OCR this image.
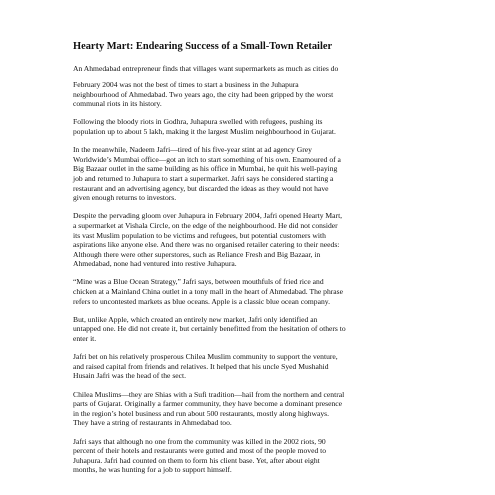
Hearty Mart: Endearing Success of a Small-Town Retailer

An Ahmedabad entrepreneur finds that villages want supermarkets as much as cities do

February 2004 was not the best of times to start a business in the Juhapura
neighbourhood of Ahmedabad. Two years ago, the city had been gripped by the worst
communal riots in its history.

Following the bloody riots in Godhra, Juhapura swelled with refugees, pushing its
population up to about 5 lakh, making it the largest Muslim neighbourhood in Gujarat.

In the meanwhile, Nadeem Jafri—tired of his five-year stint at ad agency Grey
Worldwide’s Mumbai office—got an itch to start something of his own. Enamoured of a
Big Bazaar outlet in the same building as his office in Mumbai, he quit his well-paying
job and returned to Juhapura to start a supermarket. Jafri says he considered starting a
restaurant and an advertising agency, but discarded the ideas as they would not have
given enough returns to investors.

Despite the pervading gloom over Juhapura in February 2004, Jafri opened Hearty Mart,
a supermarket at Vishala Circle, on the edge of the neighbourhood. He did not consider
its vast Muslim population to be victims and refugees, but potential customers with
aspirations like anyone else. And there was no organised retailer catering to their needs:
Although there were other superstores, such as Reliance Fresh and Big Bazaar, in
Ahmedabad, none had ventured into restive Juhapura.

“Mine was a Blue Ocean Strategy,” Jafri says, between mouthfuls of fried rice and
chicken at a Mainland China outlet in a tony mall in the heart of Ahmedabad. The phrase
refers to uncontested markets as blue oceans. Apple is a classic blue ocean company.

But, unlike Apple, which created an entirely new market, Jafri only identified an
untapped one. He did not create it, but certainly benefitted from the hesitation of others to
enter it.

Jafri bet on his relatively prosperous Chilea Muslim community to support the venture,
and raised capital from friends and relatives. It helped that his uncle Syed Mushahid
Husain Jafri was the head of the sect.

Chilea Muslims—they are Shias with a Sufi tradition—hail from the northern and central
parts of Gujarat. Originally a farmer community, they have become a dominant presence
in the region’s hotel business and run about 500 restaurants, mostly along highways.
They have a string of restaurants in Ahmedabad too.

Jafri says that although no one from the community was killed in the 2002 riots, 90
percent of their hotels and restaurants were gutted and most of the people moved to
Juhapura. Jafri had counted on them to form his client base. Yet, after about eight
months, he was hunting for a job to support himself.
